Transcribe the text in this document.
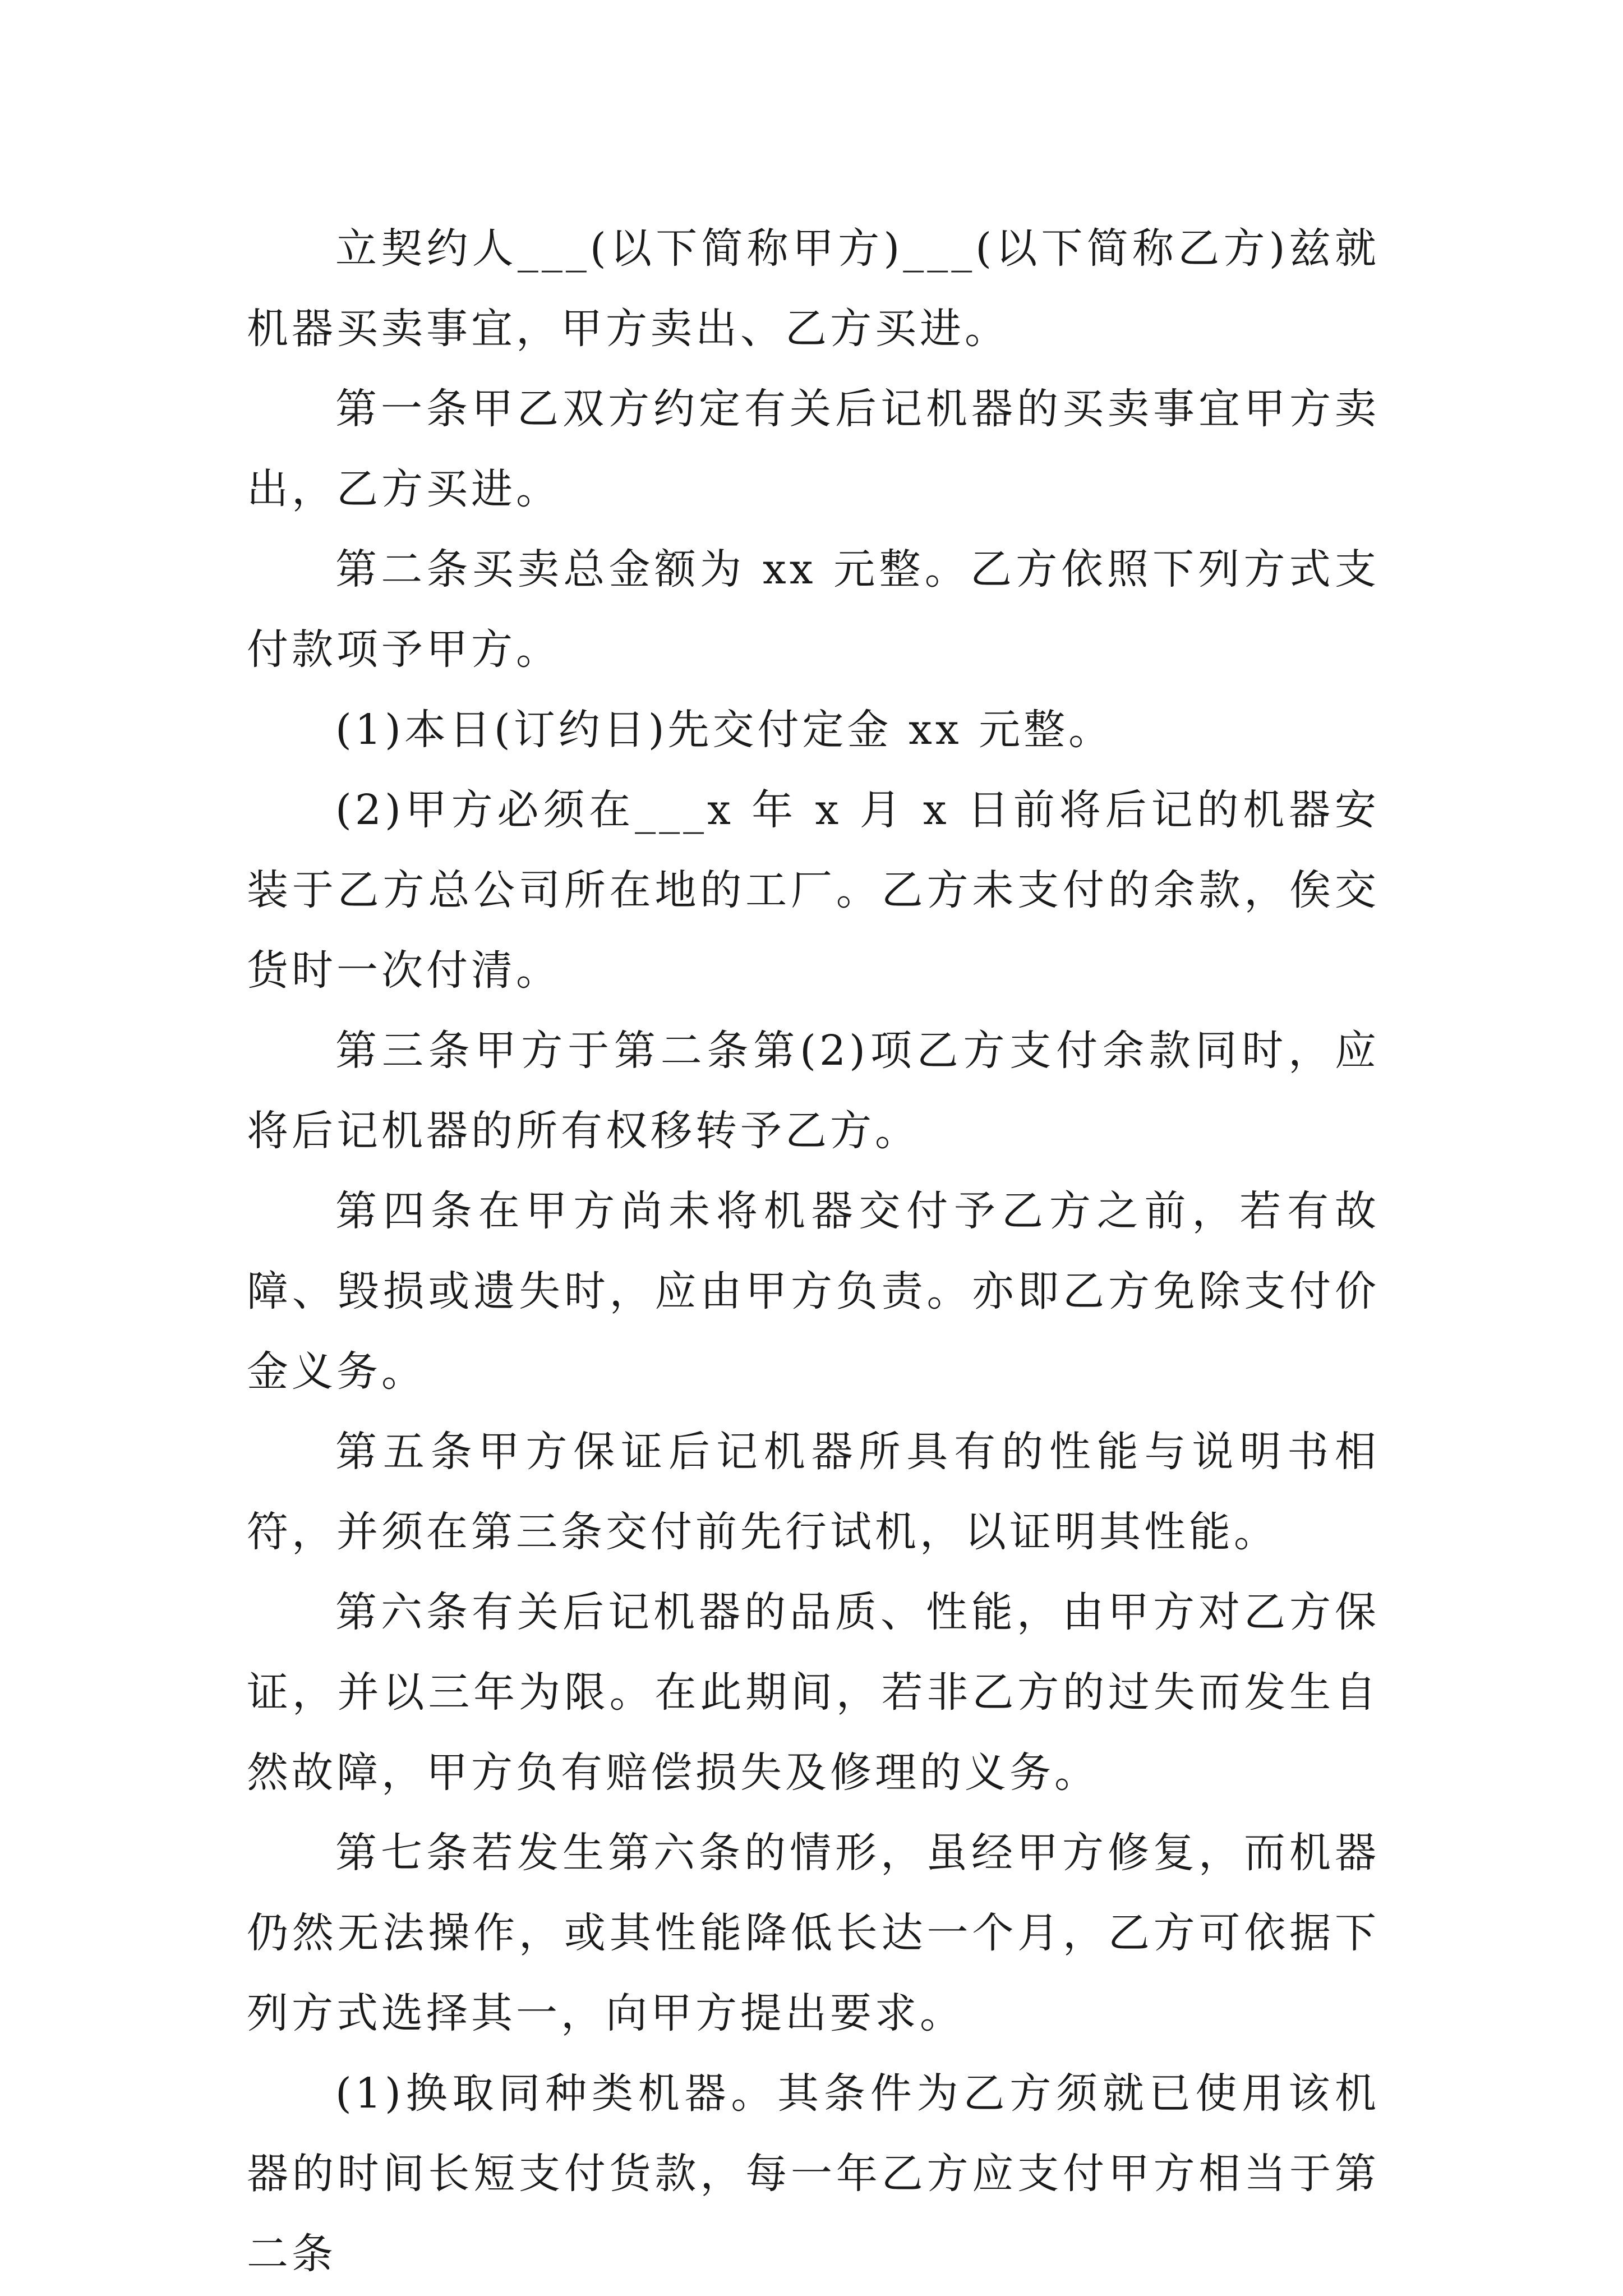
立契约人___(以下简称甲方)___(以下简称乙方)兹就机器买卖事宜，甲方卖出、乙方买进。

第一条甲乙双方约定有关后记机器的买卖事宜甲方卖出，乙方买进。

第二条买卖总金额为 xx 元整。乙方依照下列方式支付款项予甲方。

(1)本日(订约日)先交付定金 xx 元整。

(2)甲方必须在___x 年 x 月 x 日前将后记的机器安装于乙方总公司所在地的工厂。乙方未支付的余款，俟交货时一次付清。

第三条甲方于第二条第(2)项乙方支付余款同时，应将后记机器的所有权移转予乙方。

第四条在甲方尚未将机器交付予乙方之前，若有故障、毁损或遗失时，应由甲方负责。亦即乙方免除支付价金义务。

第五条甲方保证后记机器所具有的性能与说明书相符，并须在第三条交付前先行试机，以证明其性能。

第六条有关后记机器的品质、性能，由甲方对乙方保证，并以三年为限。在此期间，若非乙方的过失而发生自然故障，甲方负有赔偿损失及修理的义务。

第七条若发生第六条的情形，虽经甲方修复，而机器仍然无法操作，或其性能降低长达一个月，乙方可依据下列方式选择其一，向甲方提出要求。

(1)换取同种类机器。其条件为乙方须就已使用该机器的时间长短支付货款，每一年乙方应支付甲方相当于第二条
